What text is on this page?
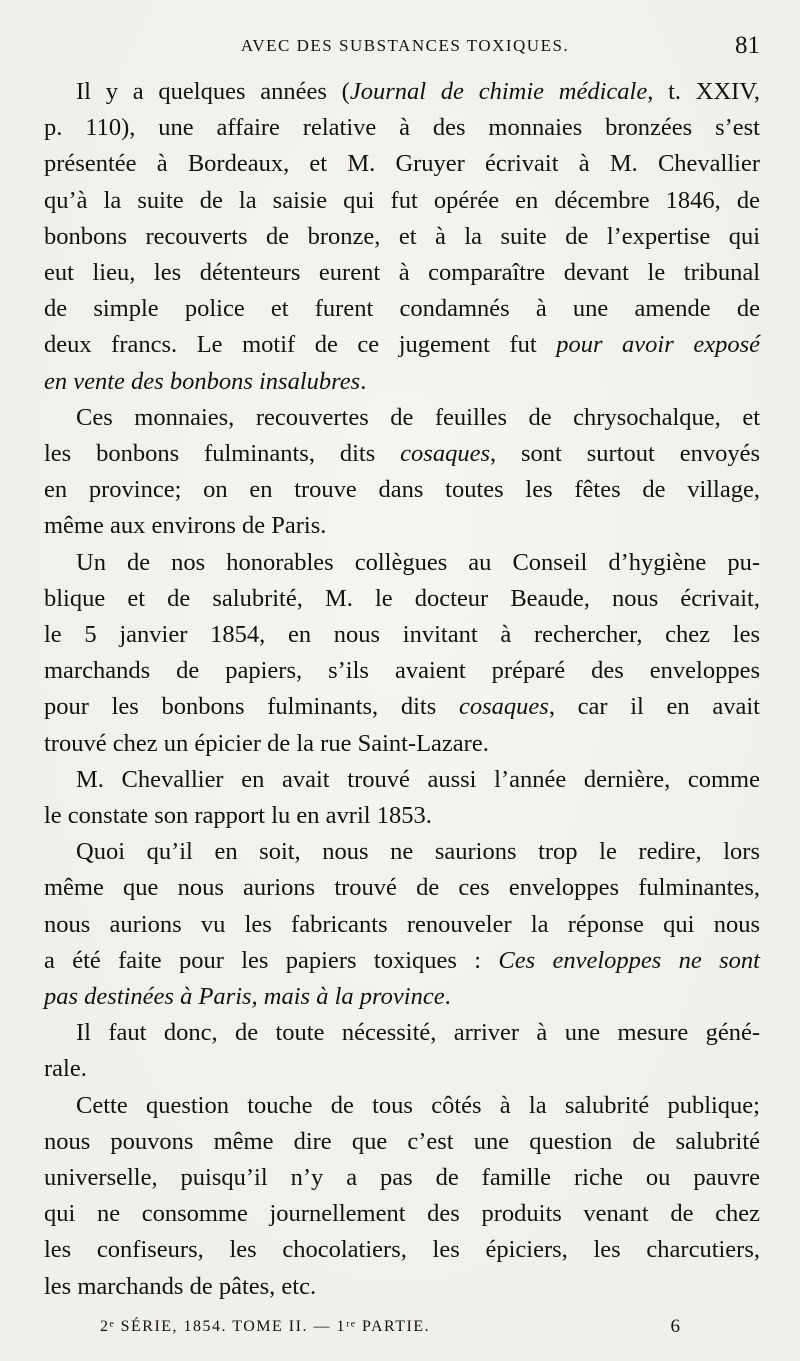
AVEC DES SUBSTANCES TOXIQUES.	81
Il y a quelques années (Journal de chimie médicale, t. XXIV,
p. 110), une affaire relative à des monnaies bronzées s’est
présentée à Bordeaux, et M. Gruyer écrivait à M. Chevallier
qu’à la suite de la saisie qui fut opérée en décembre 1846, de
bonbons recouverts de bronze, et à la suite de l’expertise qui
eut lieu, les détenteurs eurent à comparaître devant le tribunal
de simple police et furent condamnés à une amende de
deux francs. Le motif de ce jugement fut pour avoir exposé
en vente des bonbons insalubres.
Ces monnaies, recouvertes de feuilles de chrysochalque, et
les bonbons fulminants, dits cosaques, sont surtout envoyés
en province; on en trouve dans toutes les fêtes de village,
même aux environs de Paris.
Un de nos honorables collègues au Conseil d’hygiène pu-
blique et de salubrité, M. le docteur Beaude, nous écrivait,
le 5 janvier 1854, en nous invitant à rechercher, chez les
marchands de papiers, s’ils avaient préparé des enveloppes
pour les bonbons fulminants, dits cosaques, car il en avait
trouvé chez un épicier de la rue Saint-Lazare.
M. Chevallier en avait trouvé aussi l’année dernière, comme
le constate son rapport lu en avril 1853.
Quoi qu’il en soit, nous ne saurions trop le redire, lors
même que nous aurions trouvé de ces enveloppes fulminantes,
nous aurions vu les fabricants renouveler la réponse qui nous
a été faite pour les papiers toxiques : Ces enveloppes ne sont
pas destinées à Paris, mais à la province.
Il faut donc, de toute nécessité, arriver à une mesure géné-
rale.
Cette question touche de tous côtés à la salubrité publique;
nous pouvons même dire que c’est une question de salubrité
universelle, puisqu’il n’y a pas de famille riche ou pauvre
qui ne consomme journellement des produits venant de chez
les confiseurs, les chocolatiers, les épiciers, les charcutiers,
les marchands de pâtes, etc.
2ᵉ SÉRIE, 1854. TOME II. — 1ʳᵉ PARTIE.	6
